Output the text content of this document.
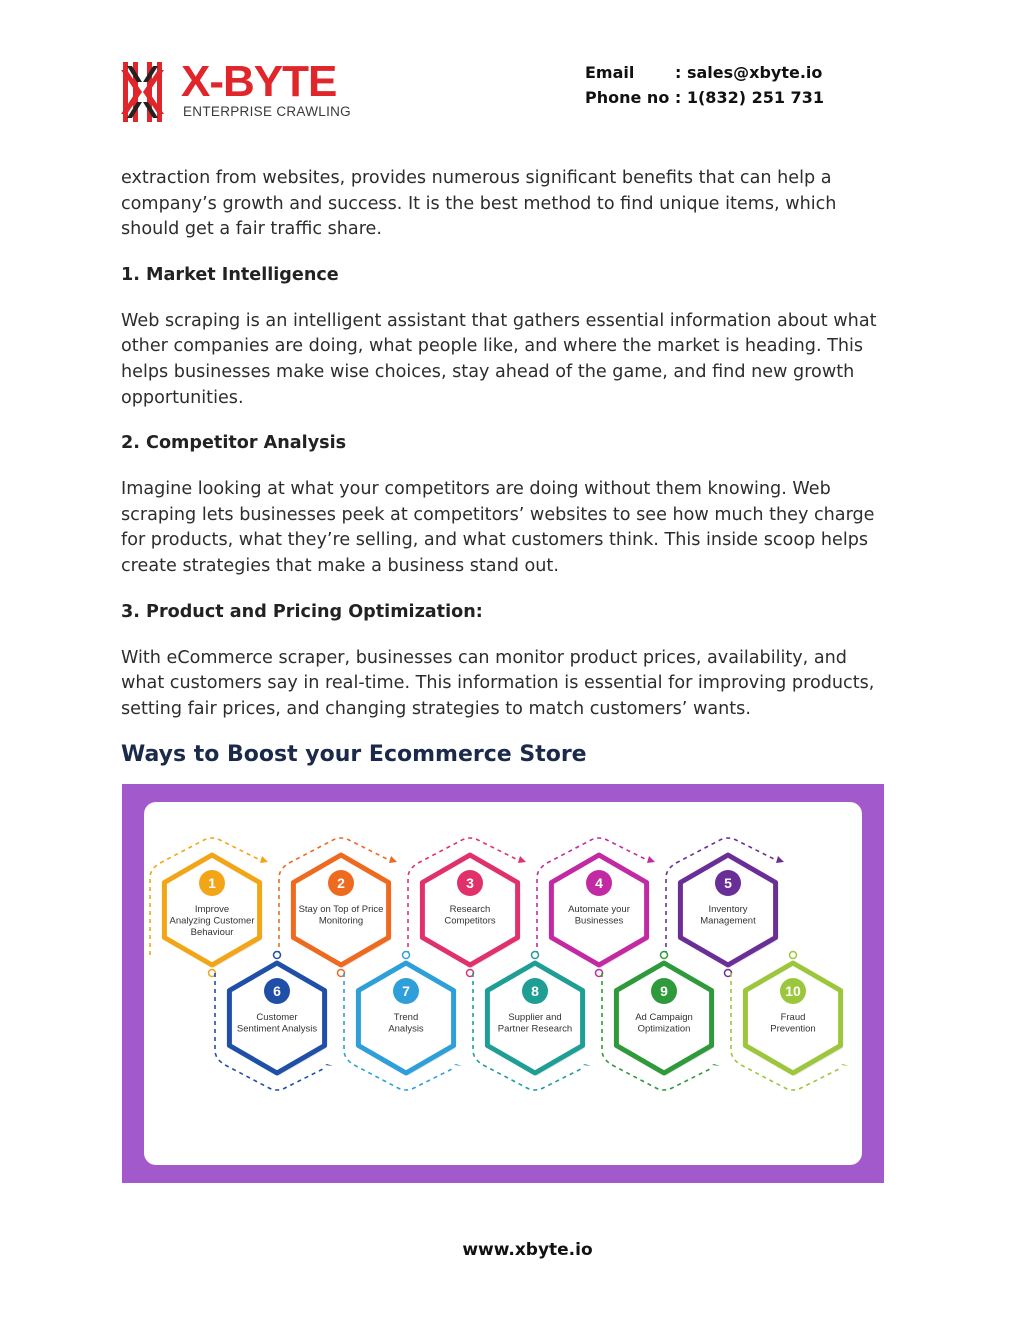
X-BYTE
ENTERPRISE CRAWLING
Email	: sales@xbyte.io
Phone no : 1(832) 251 731

extraction from websites, provides numerous significant benefits that can help a company’s growth and success. It is the best method to find unique items, which should get a fair traffic share.

1. Market Intelligence

Web scraping is an intelligent assistant that gathers essential information about what other companies are doing, what people like, and where the market is heading. This helps businesses make wise choices, stay ahead of the game, and find new growth opportunities.

2. Competitor Analysis

Imagine looking at what your competitors are doing without them knowing. Web scraping lets businesses peek at competitors’ websites to see how much they charge for products, what they’re selling, and what customers think. This inside scoop helps create strategies that make a business stand out.

3. Product and Pricing Optimization:

With eCommerce scraper, businesses can monitor product prices, availability, and what customers say in real-time. This information is essential for improving products, setting fair prices, and changing strategies to match customers’ wants.

Ways to Boost your Ecommerce Store
1
Improve
Analyzing Customer
Behaviour
2
Stay on Top of Price
Monitoring
3
Research
Competitors
4
Automate your
Businesses
5
Inventory
Management
6
Customer
Sentiment Analysis
7
Trend
Analysis
8
Supplier and
Partner Research
9
Ad Campaign
Optimization
10
Fraud
Prevention
www.xbyte.io
